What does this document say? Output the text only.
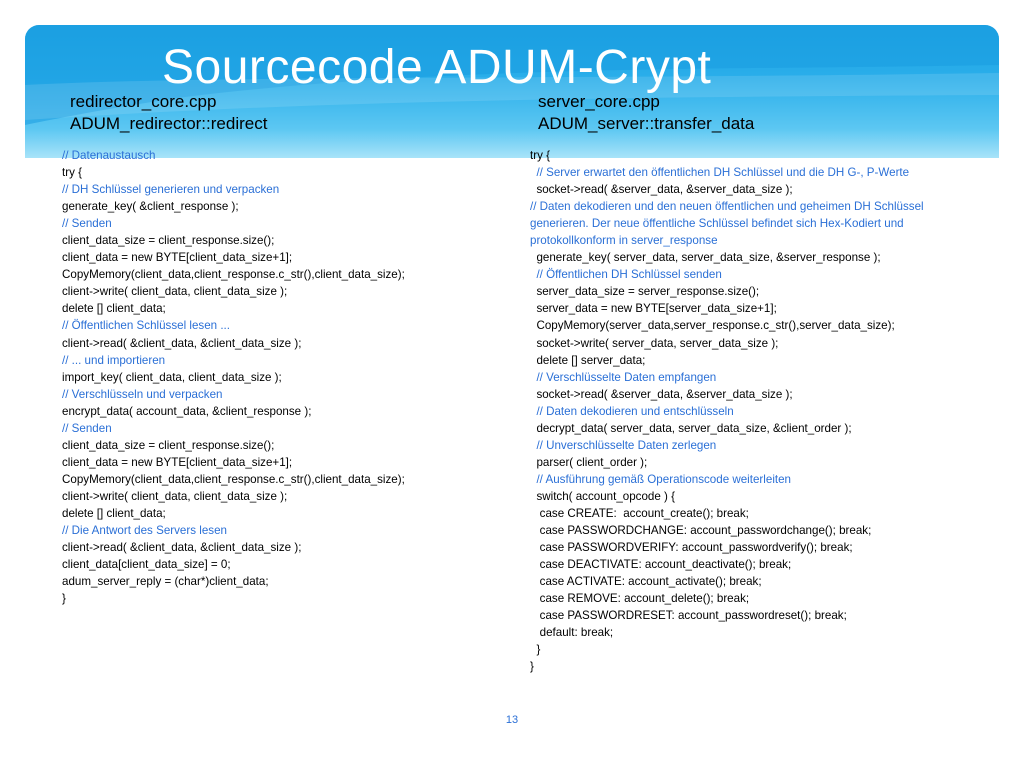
Sourcecode ADUM-Crypt
redirector_core.cpp
ADUM_redirector::redirect
server_core.cpp
ADUM_server::transfer_data
// Datenaustausch
try {
// DH Schlüssel generieren und verpacken
generate_key( &client_response );
// Senden
client_data_size = client_response.size();
client_data = new BYTE[client_data_size+1];
CopyMemory(client_data,client_response.c_str(),client_data_size);
client->write( client_data, client_data_size );
delete [] client_data;
// Öffentlichen Schlüssel lesen ...
client->read( &client_data, &client_data_size );
// ... und importieren
import_key( client_data, client_data_size );
// Verschlüsseln und verpacken
encrypt_data( account_data, &client_response );
// Senden
client_data_size = client_response.size();
client_data = new BYTE[client_data_size+1];
CopyMemory(client_data,client_response.c_str(),client_data_size);
client->write( client_data, client_data_size );
delete [] client_data;
// Die Antwort des Servers lesen
client->read( &client_data, &client_data_size );
client_data[client_data_size] = 0;
adum_server_reply = (char*)client_data;
}
try {
// Server erwartet den öffentlichen DH Schlüssel und die DH G-, P-Werte
socket->read( &server_data, &server_data_size );
// Daten dekodieren und den neuen öffentlichen und geheimen DH Schlüssel generieren. Der neue öffentliche Schlüssel befindet sich Hex-Kodiert und protokollkonform in server_response
generate_key( server_data, server_data_size, &server_response );
// Öffentlichen DH Schlüssel senden
server_data_size = server_response.size();
server_data = new BYTE[server_data_size+1];
CopyMemory(server_data,server_response.c_str(),server_data_size);
socket->write( server_data, server_data_size );
delete [] server_data;
// Verschlüsselte Daten empfangen
socket->read( &server_data, &server_data_size );
// Daten dekodieren und entschlüsseln
decrypt_data( server_data, server_data_size, &client_order );
// Unverschlüsselte Daten zerlegen
parser( client_order );
// Ausführung gemäß Operationscode weiterleiten
switch( account_opcode ) {
case CREATE:  account_create(); break;
case PASSWORDCHANGE: account_passwordchange(); break;
case PASSWORDVERIFY: account_passwordverify(); break;
case DEACTIVATE: account_deactivate(); break;
case ACTIVATE: account_activate(); break;
case REMOVE: account_delete(); break;
case PASSWORDRESET: account_passwordreset(); break;
default: break;
}
}
13
